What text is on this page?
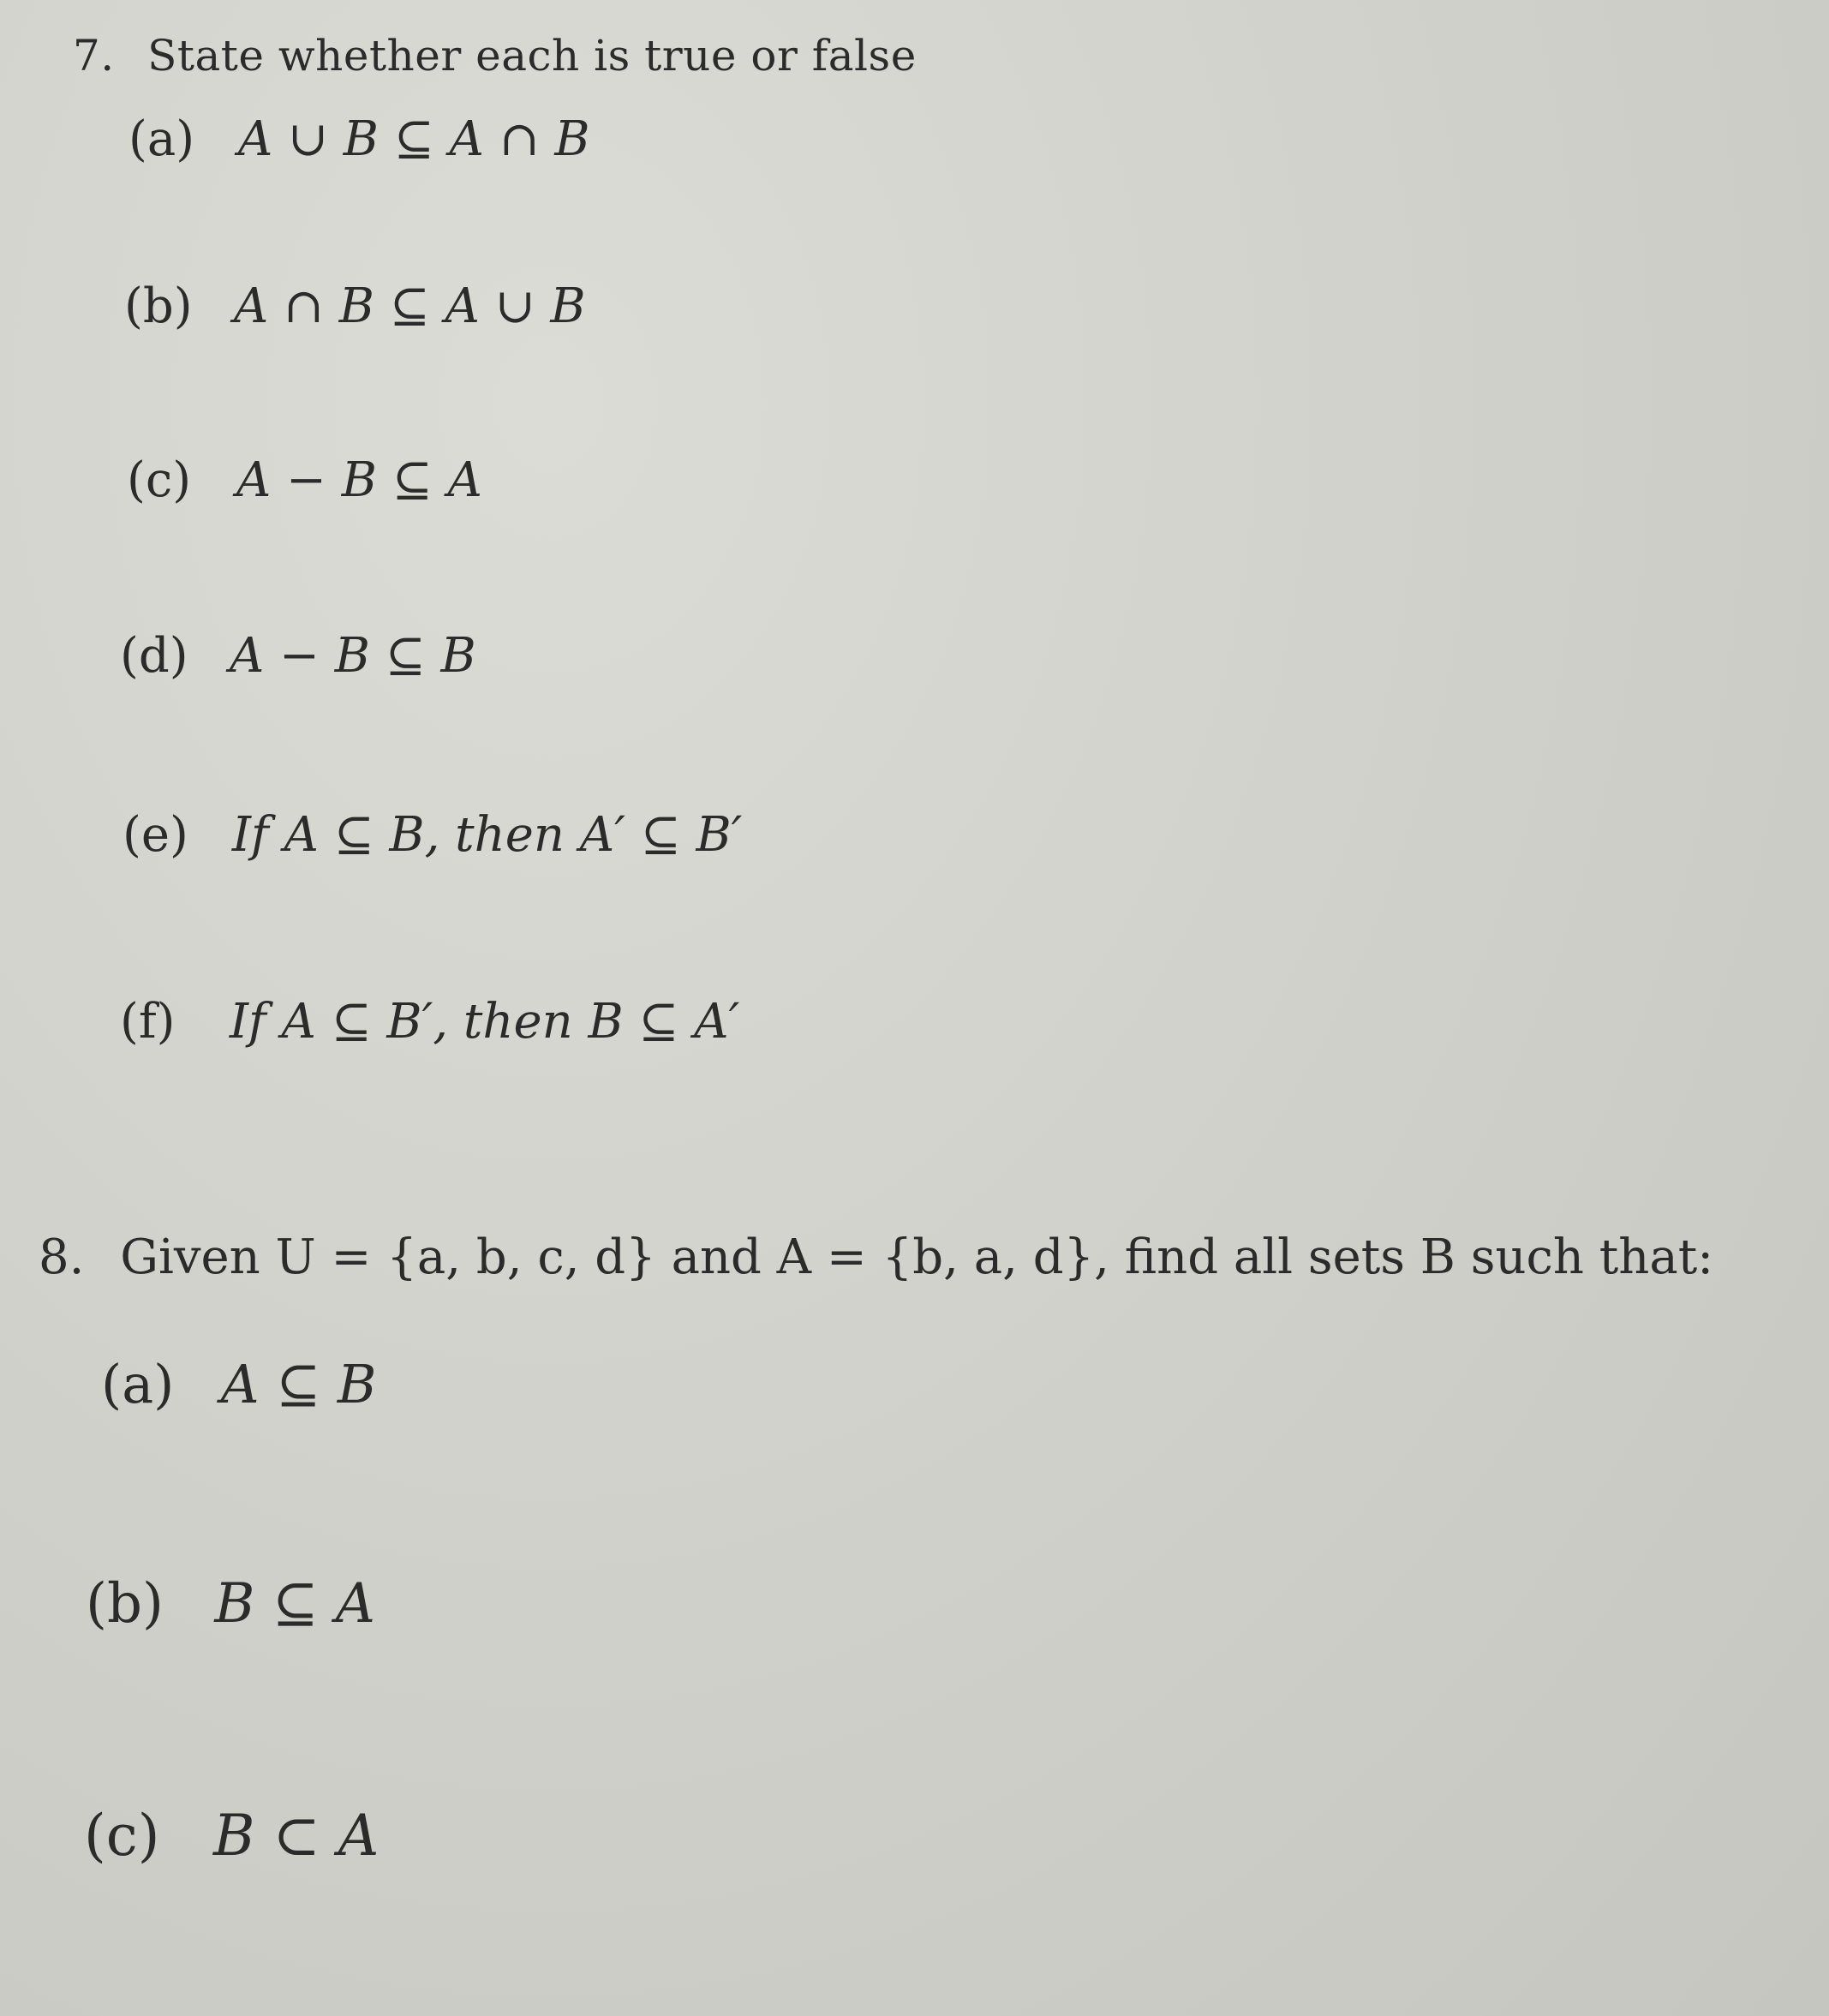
7. State whether each is true or false
(a) A ∪ B ⊆ A ∩ B
(b) A ∩ B ⊆ A ∪ B
(c) A − B ⊆ A
(d) A − B ⊆ B
(e) If A ⊆ B, then A′ ⊆ B′
(f) If A ⊆ B′, then B ⊆ A′
8. Given U = {a, b, c, d} and A = {b, a, d}, find all sets B such that:
(a) A ⊆ B
(b) B ⊆ A
(c) B ⊂ A
